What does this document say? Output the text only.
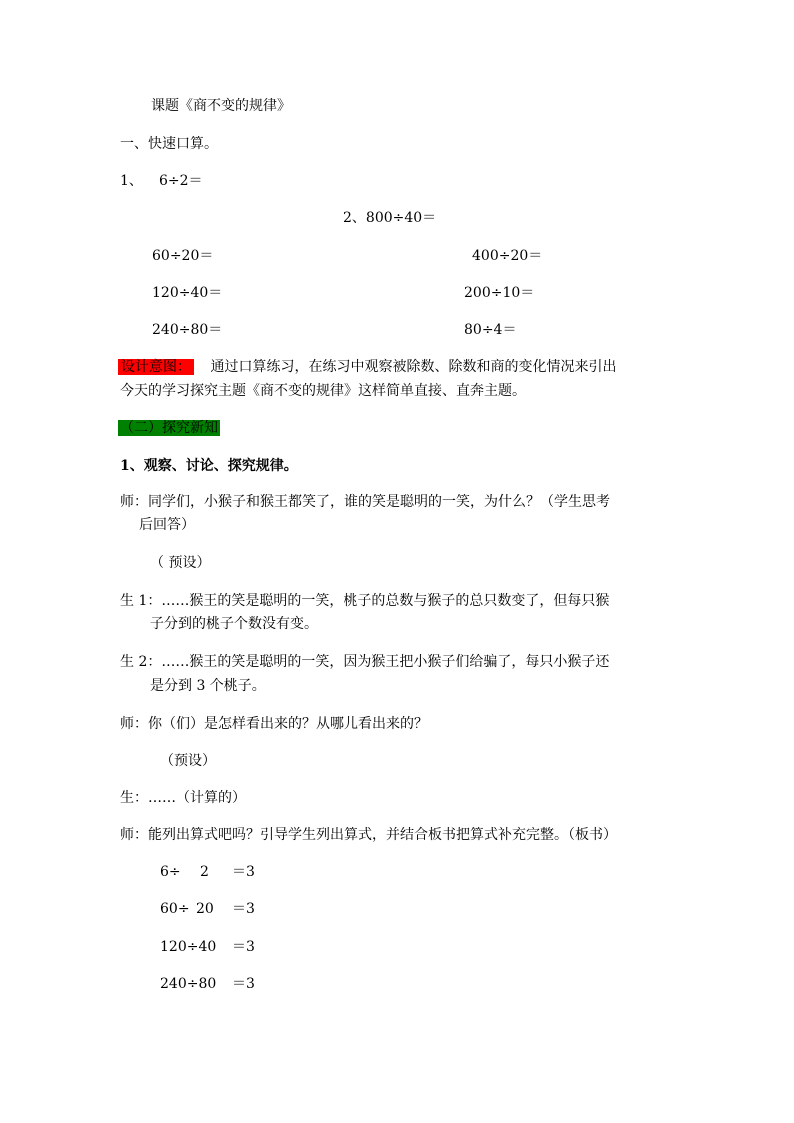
课题《商不变的规律》
一、快速口算。
1、 6÷2＝
2、800÷40＝
60÷20＝	400÷20＝
120÷40＝	200÷10＝
240÷80＝	80÷4＝
设计意图： 通过口算练习，在练习中观察被除数、除数和商的变化情况来引出
今天的学习探究主题《商不变的规律》这样简单直接、直奔主题。
（二）探究新知
1、观察、讨论、探究规律。
师：同学们，小猴子和猴王都笑了，谁的笑是聪明的一笑，为什么？（学生思考
后回答）
（ 预设）
生 1：……猴王的笑是聪明的一笑，桃子的总数与猴子的总只数变了，但每只猴
子分到的桃子个数没有变。
生 2：……猴王的笑是聪明的一笑，因为猴王把小猴子们给骗了，每只小猴子还
是分到 3 个桃子。
师：你（们）是怎样看出来的？从哪儿看出来的？
（预设）
生：……（计算的）
师：能列出算式吧吗？引导学生列出算式，并结合板书把算式补充完整。（板书）
6÷ 2 ＝3
60÷ 20 ＝3
120÷40 ＝3
240÷80 ＝3
